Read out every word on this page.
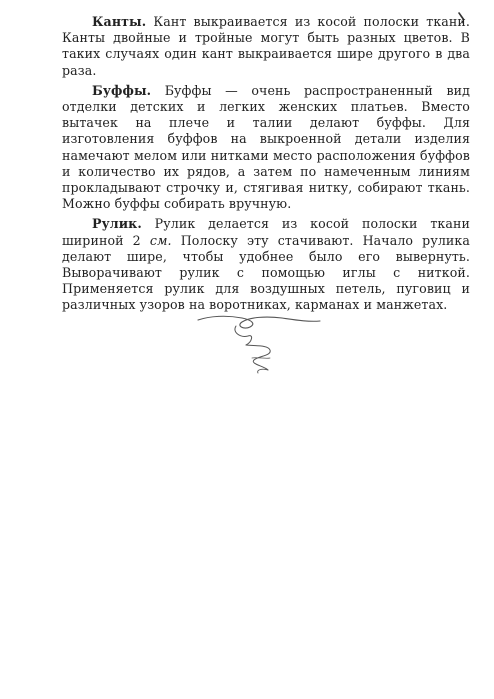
Канты. Кант выкраивается из косой полоски ткани. Канты двойные и тройные могут быть разных цветов. В таких случаях один кант выкраивается шире другого в два раза.

Буффы. Буффы — очень распространенный вид отделки детских и легких женских платьев. Вместо вытачек на плече и талии делают буффы. Для изготовления буффов на выкроенной детали изделия намечают мелом или нитками место расположения буффов и количество их рядов, а затем по намеченным линиям прокладывают строчку и, стягивая нитку, собирают ткань. Можно буффы собирать вручную.

Рулик. Рулик делается из косой полоски ткани шириной 2 см. Полоску эту стачивают. Начало рулика делают шире, чтобы удобнее было его вывернуть. Выворачивают рулик с помощью иглы с ниткой. Применяется рулик для воздушных петель, пуговиц и различных узоров на воротниках, карманах и манжетах.
